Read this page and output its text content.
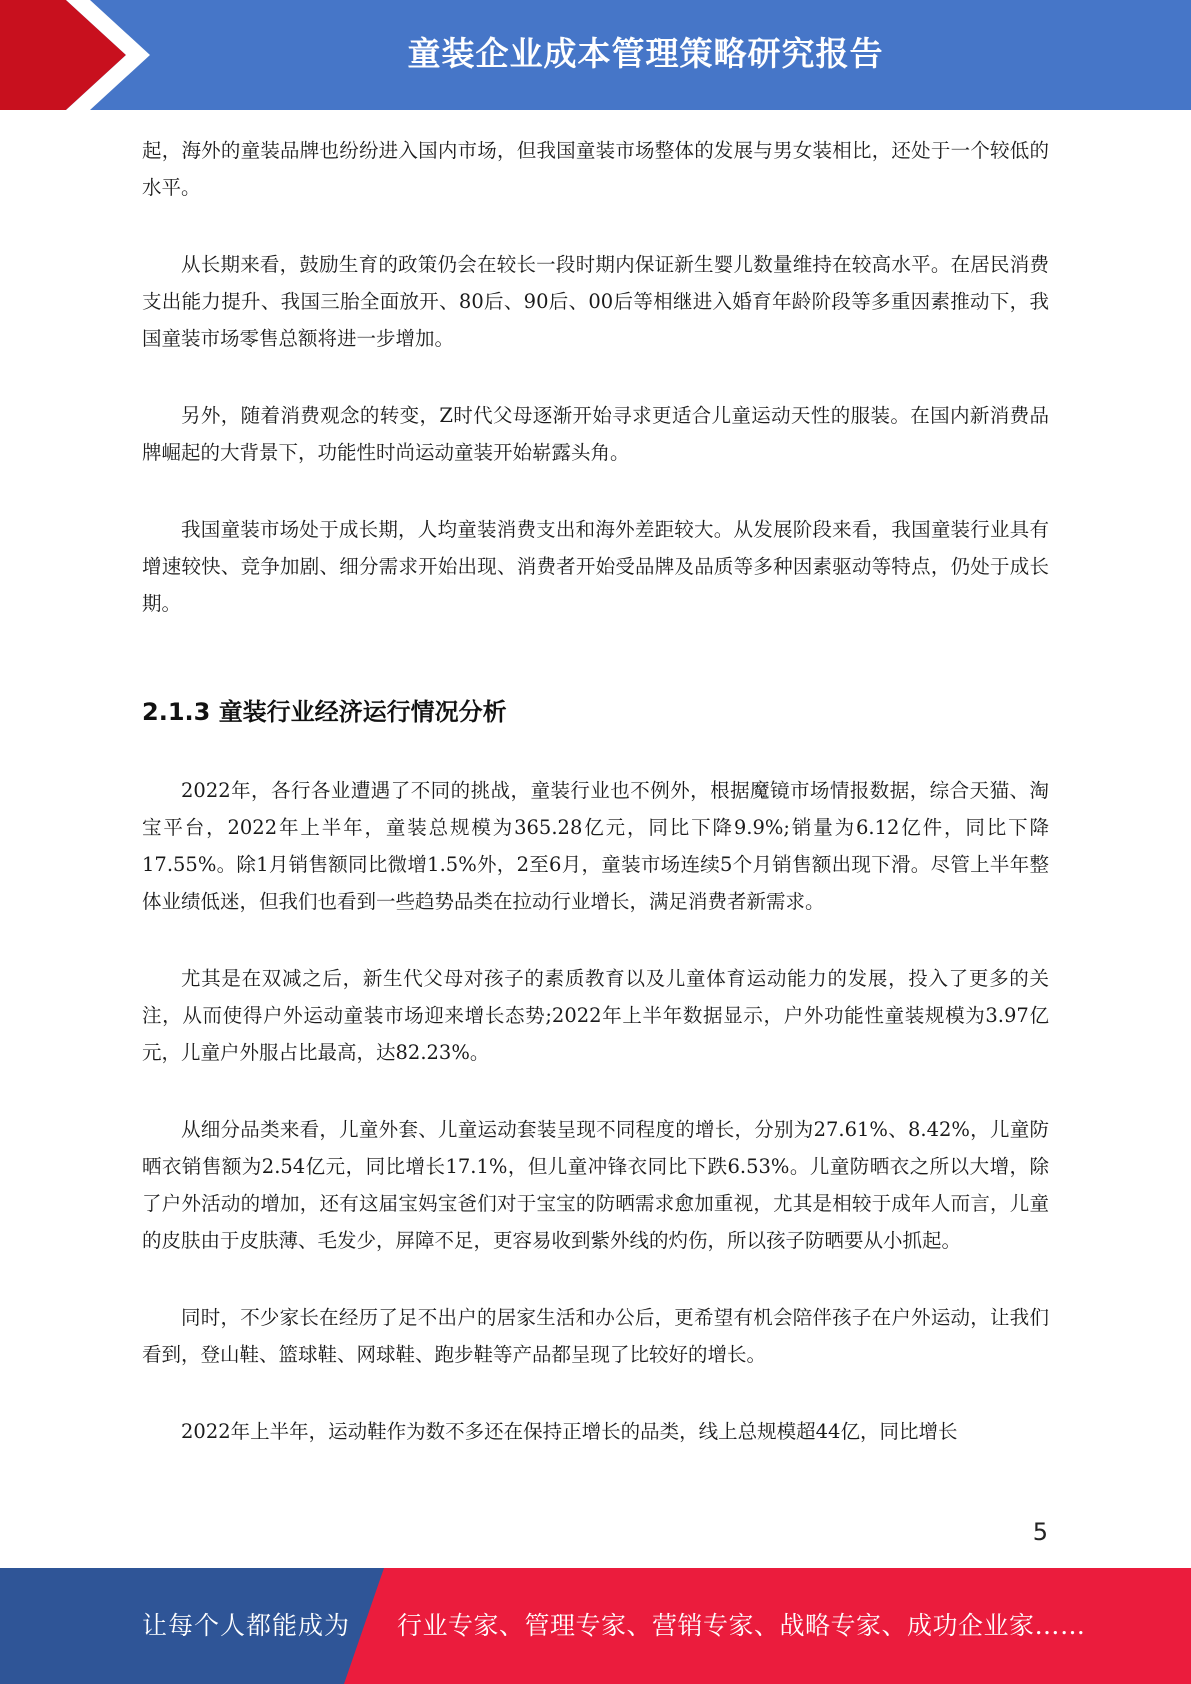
童装企业成本管理策略研究报告

起，海外的童装品牌也纷纷进入国内市场，但我国童装市场整体的发展与男女装相比，还处于一个较低的水平。

从长期来看，鼓励生育的政策仍会在较长一段时期内保证新生婴儿数量维持在较高水平。在居民消费支出能力提升、我国三胎全面放开、80后、90后、00后等相继进入婚育年龄阶段等多重因素推动下，我国童装市场零售总额将进一步增加。

另外，随着消费观念的转变，Z时代父母逐渐开始寻求更适合儿童运动天性的服装。在国内新消费品牌崛起的大背景下，功能性时尚运动童装开始崭露头角。

我国童装市场处于成长期，人均童装消费支出和海外差距较大。从发展阶段来看，我国童装行业具有增速较快、竞争加剧、细分需求开始出现、消费者开始受品牌及品质等多种因素驱动等特点，仍处于成长期。

2.1.3 童装行业经济运行情况分析

2022年，各行各业遭遇了不同的挑战，童装行业也不例外，根据魔镜市场情报数据，综合天猫、淘宝平台，2022年上半年，童装总规模为365.28亿元，同比下降9.9%;销量为6.12亿件，同比下降17.55%。除1月销售额同比微增1.5%外，2至6月，童装市场连续5个月销售额出现下滑。尽管上半年整体业绩低迷，但我们也看到一些趋势品类在拉动行业增长，满足消费者新需求。

尤其是在双减之后，新生代父母对孩子的素质教育以及儿童体育运动能力的发展，投入了更多的关注，从而使得户外运动童装市场迎来增长态势;2022年上半年数据显示，户外功能性童装规模为3.97亿元，儿童户外服占比最高，达82.23%。

从细分品类来看，儿童外套、儿童运动套装呈现不同程度的增长，分别为27.61%、8.42%，儿童防晒衣销售额为2.54亿元，同比增长17.1%，但儿童冲锋衣同比下跌6.53%。儿童防晒衣之所以大增，除了户外活动的增加，还有这届宝妈宝爸们对于宝宝的防晒需求愈加重视，尤其是相较于成年人而言，儿童的皮肤由于皮肤薄、毛发少，屏障不足，更容易收到紫外线的灼伤，所以孩子防晒要从小抓起。

同时，不少家长在经历了足不出户的居家生活和办公后，更希望有机会陪伴孩子在户外运动，让我们看到，登山鞋、篮球鞋、网球鞋、跑步鞋等产品都呈现了比较好的增长。

2022年上半年，运动鞋作为数不多还在保持正增长的品类，线上总规模超44亿，同比增长

5
让每个人都能成为 行业专家、管理专家、营销专家、战略专家、成功企业家……
